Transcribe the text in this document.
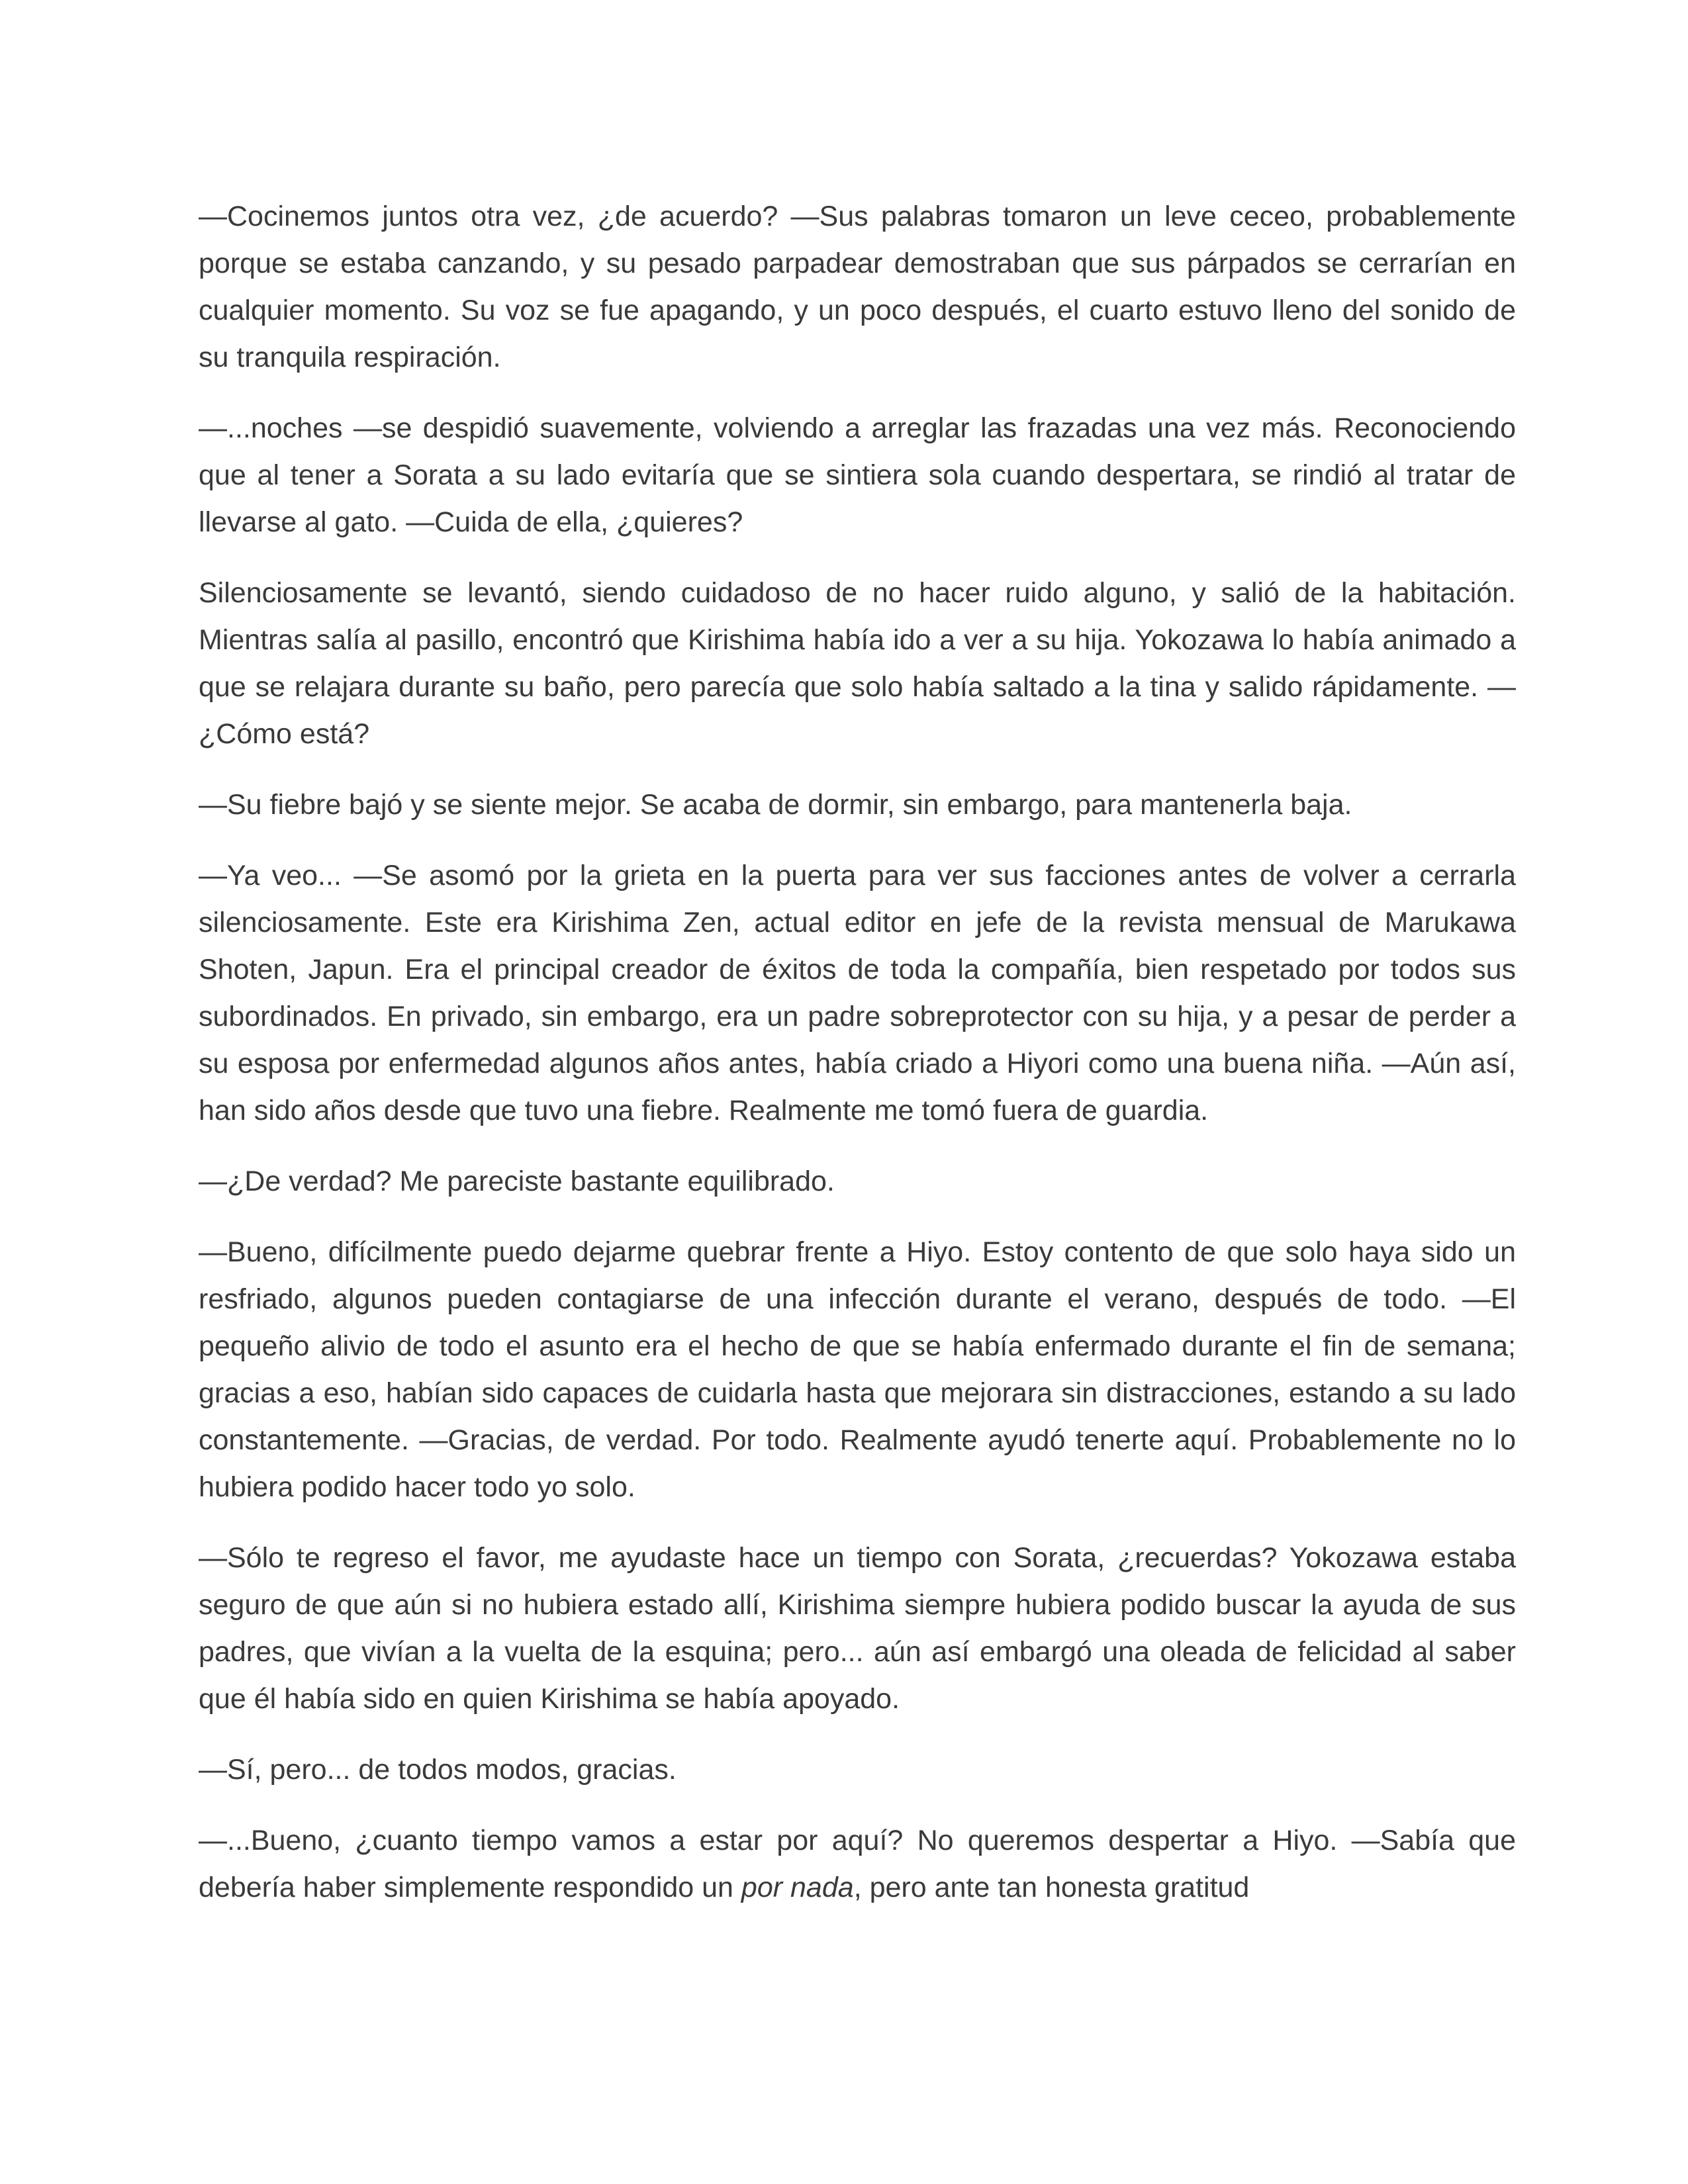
—Cocinemos juntos otra vez, ¿de acuerdo? —Sus palabras tomaron un leve ceceo, probablemente porque se estaba canzando, y su pesado parpadear demostraban que sus párpados se cerrarían en cualquier momento. Su voz se fue apagando, y un poco después, el cuarto estuvo lleno del sonido de su tranquila respiración.

—...noches —se despidió suavemente, volviendo a arreglar las frazadas una vez más. Reconociendo que al tener a Sorata a su lado evitaría que se sintiera sola cuando despertara, se rindió al tratar de llevarse al gato. —Cuida de ella, ¿quieres?

Silenciosamente se levantó, siendo cuidadoso de no hacer ruido alguno, y salió de la habitación. Mientras salía al pasillo, encontró que Kirishima había ido a ver a su hija. Yokozawa lo había animado a que se relajara durante su baño, pero parecía que solo había saltado a la tina y salido rápidamente. —¿Cómo está?

—Su fiebre bajó y se siente mejor. Se acaba de dormir, sin embargo, para mantenerla baja.

—Ya veo... —Se asomó por la grieta en la puerta para ver sus facciones antes de volver a cerrarla silenciosamente. Este era Kirishima Zen, actual editor en jefe de la revista mensual de Marukawa Shoten, Japun. Era el principal creador de éxitos de toda la compañía, bien respetado por todos sus subordinados. En privado, sin embargo, era un padre sobreprotector con su hija, y a pesar de perder a su esposa por enfermedad algunos años antes, había criado a Hiyori como una buena niña. —Aún así, han sido años desde que tuvo una fiebre. Realmente me tomó fuera de guardia.

—¿De verdad? Me pareciste bastante equilibrado.

—Bueno, difícilmente puedo dejarme quebrar frente a Hiyo. Estoy contento de que solo haya sido un resfriado, algunos pueden contagiarse de una infección durante el verano, después de todo. —El pequeño alivio de todo el asunto era el hecho de que se había enfermado durante el fin de semana; gracias a eso, habían sido capaces de cuidarla hasta que mejorara sin distracciones, estando a su lado constantemente. —Gracias, de verdad. Por todo. Realmente ayudó tenerte aquí. Probablemente no lo hubiera podido hacer todo yo solo.

—Sólo te regreso el favor, me ayudaste hace un tiempo con Sorata, ¿recuerdas? Yokozawa estaba seguro de que aún si no hubiera estado allí, Kirishima siempre hubiera podido buscar la ayuda de sus padres, que vivían a la vuelta de la esquina; pero... aún así embargó una oleada de felicidad al saber que él había sido en quien Kirishima se había apoyado.

—Sí, pero... de todos modos, gracias.

—...Bueno, ¿cuanto tiempo vamos a estar por aquí? No queremos despertar a Hiyo. —Sabía que debería haber simplemente respondido un por nada, pero ante tan honesta gratitud
